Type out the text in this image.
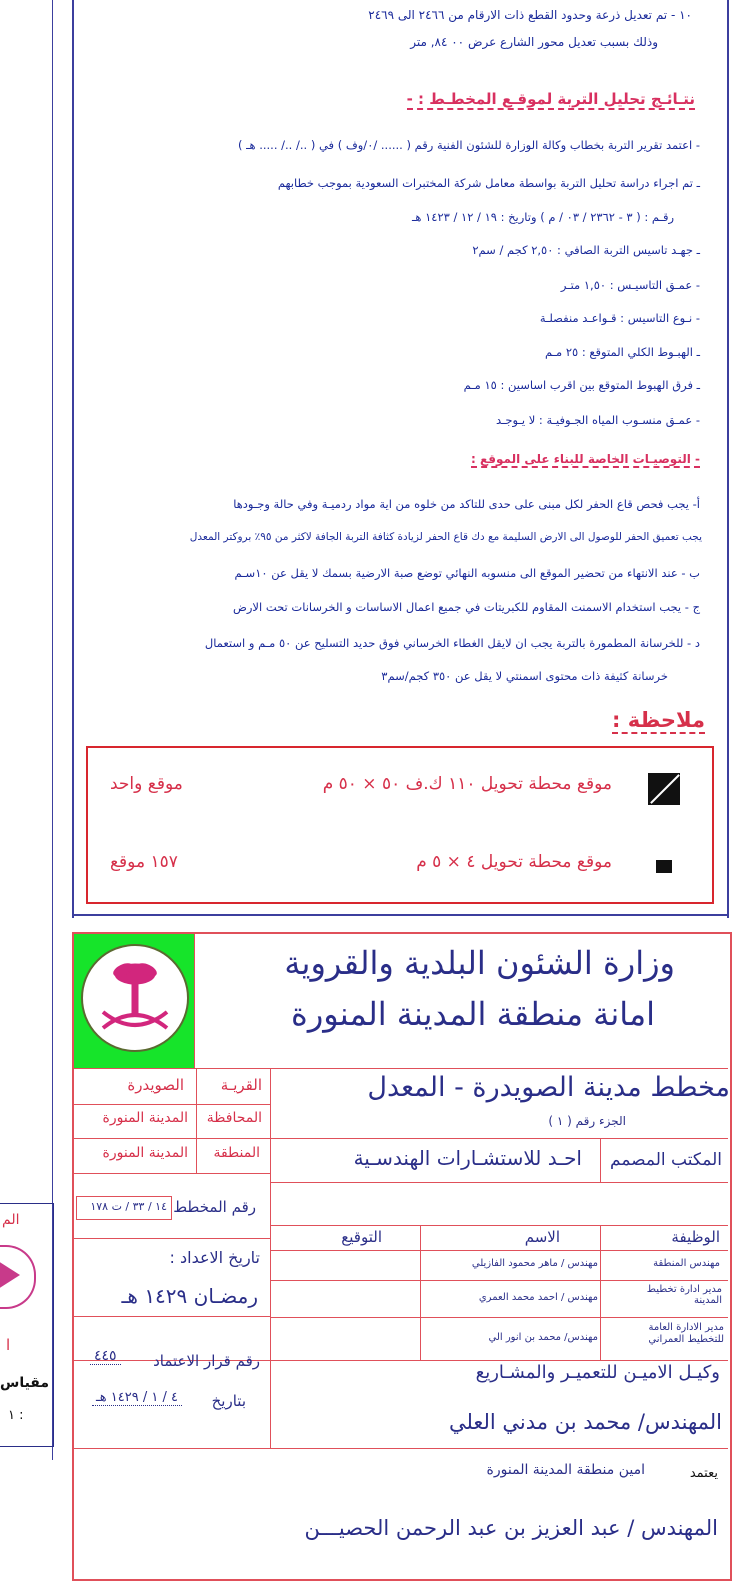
١٠ - تم تعديل ذرعة وحدود القطع ذات الارقام من ٢٤٦٦ الى ٢٤٦٩
وذلك بسبب تعديل محور الشارع عرض ٠٠ ٨٤, متر
نتـائـج تحليل التربة لموقـع المخطـط : -
- اعتمد تقرير التربة بخطاب وكالة الوزارة للشئون الفنية رقم ( ...... /٠/وف ) في ( ../ ../ ..... هـ )
ـ تم اجراء دراسة تحليل التربة بواسطة معامل شركة المختبرات السعودية بموجب خطابهم
رقـم : ( ٣ - ٢٣٦٢ / ٠٣ / م ) وتاريخ : ١٩ / ١٢ / ١٤٢٣ هـ
ـ جهـد تاسيس التربة الصافي : ٢,٥٠ كجم / سم٢
- عمـق التاسيـس : ١,٥٠ متـر
- نـوع التاسيس : قـواعـد منفصلـة
ـ الهبـوط الكلي المتوقع : ٢٥ مـم
ـ فرق الهبوط المتوقع بين اقرب اساسين : ١٥ مـم
- عمـق منسـوب المياه الجـوفيـة : لا يـوجـد
- التوصيـات الخاصة للبناء على الموقع :
أ- يجب فحص قاع الحفر لكل مبنى على حدى للتاكد من خلوه من اية مواد ردميـة وفي حالة وجـودها
يجب تعميق الحفر للوصول الى الارض السليمة مع دك قاع الحفر لزيادة كثافة التربة الجافة لاكثر من ٩٥٪ بروكتر المعدل
ب - عند الانتهاء من تحضير الموقع الى منسوبه النهائي توضع صبة الارضية بسمك لا يقل عن ١٠سـم
ج - يجب استخدام الاسمنت المقاوم للكبريتات في جميع اعمال الاساسات و الخرسانات تحت الارض
د - للخرسانة المطمورة بالتربة يجب ان لايقل الغطاء الخرساني فوق حديد التسليح عن ٥٠ مـم و استعمال
خرسانة كثيفة ذات محتوى اسمنتي لا يقل عن ٣٥٠ كجم/سم٣
ملاحظة :
موقع محطة تحويل ١١٠ ك.ف ٥٠ × ٥٠ م
موقع واحد
موقع محطة تحويل ٤ × ٥ م
١٥٧ موقع
الم
ا
مقياس
١ :
وزارة الشئون البلدية والقروية
امانة منطقة المدينة المنورة
مخطط مدينة الصويدرة - المعدل
الجزء رقم ( ١ )
القريـة
الصويدرة
المحافظة
المدينة المنورة
المنطقة
المدينة المنورة	المكتب المصمم
احـد للاستشـارات الهندسـية
رقم المخطط
١٤ / ٣٣ / ت ١٧٨
الوظيفة
الاسم
التوقيع
مهندس المنطقة
مهندس / ماهر محمود الفازيلي
مدير ادارة تخطيط المدينة
مهندس / احمد محمد العمري
مدير الادارة العامة للتخطيط العمراني
مهندس/ محمد بن انور الي
تاريخ الاعداد :
رمضـان ١٤٢٩ هـ
رقم قرار الاعتماد
٤٤٥
بتاريخ
٤ / ١ / ١٤٢٩ هـ
وكيـل الاميـن للتعميـر والمشـاريع
المهندس/ محمد بن مدني العلي
يعتمد
امين منطقة المدينة المنورة
المهندس / عبد العزيز بن عبد الرحمن الحصيـــن
